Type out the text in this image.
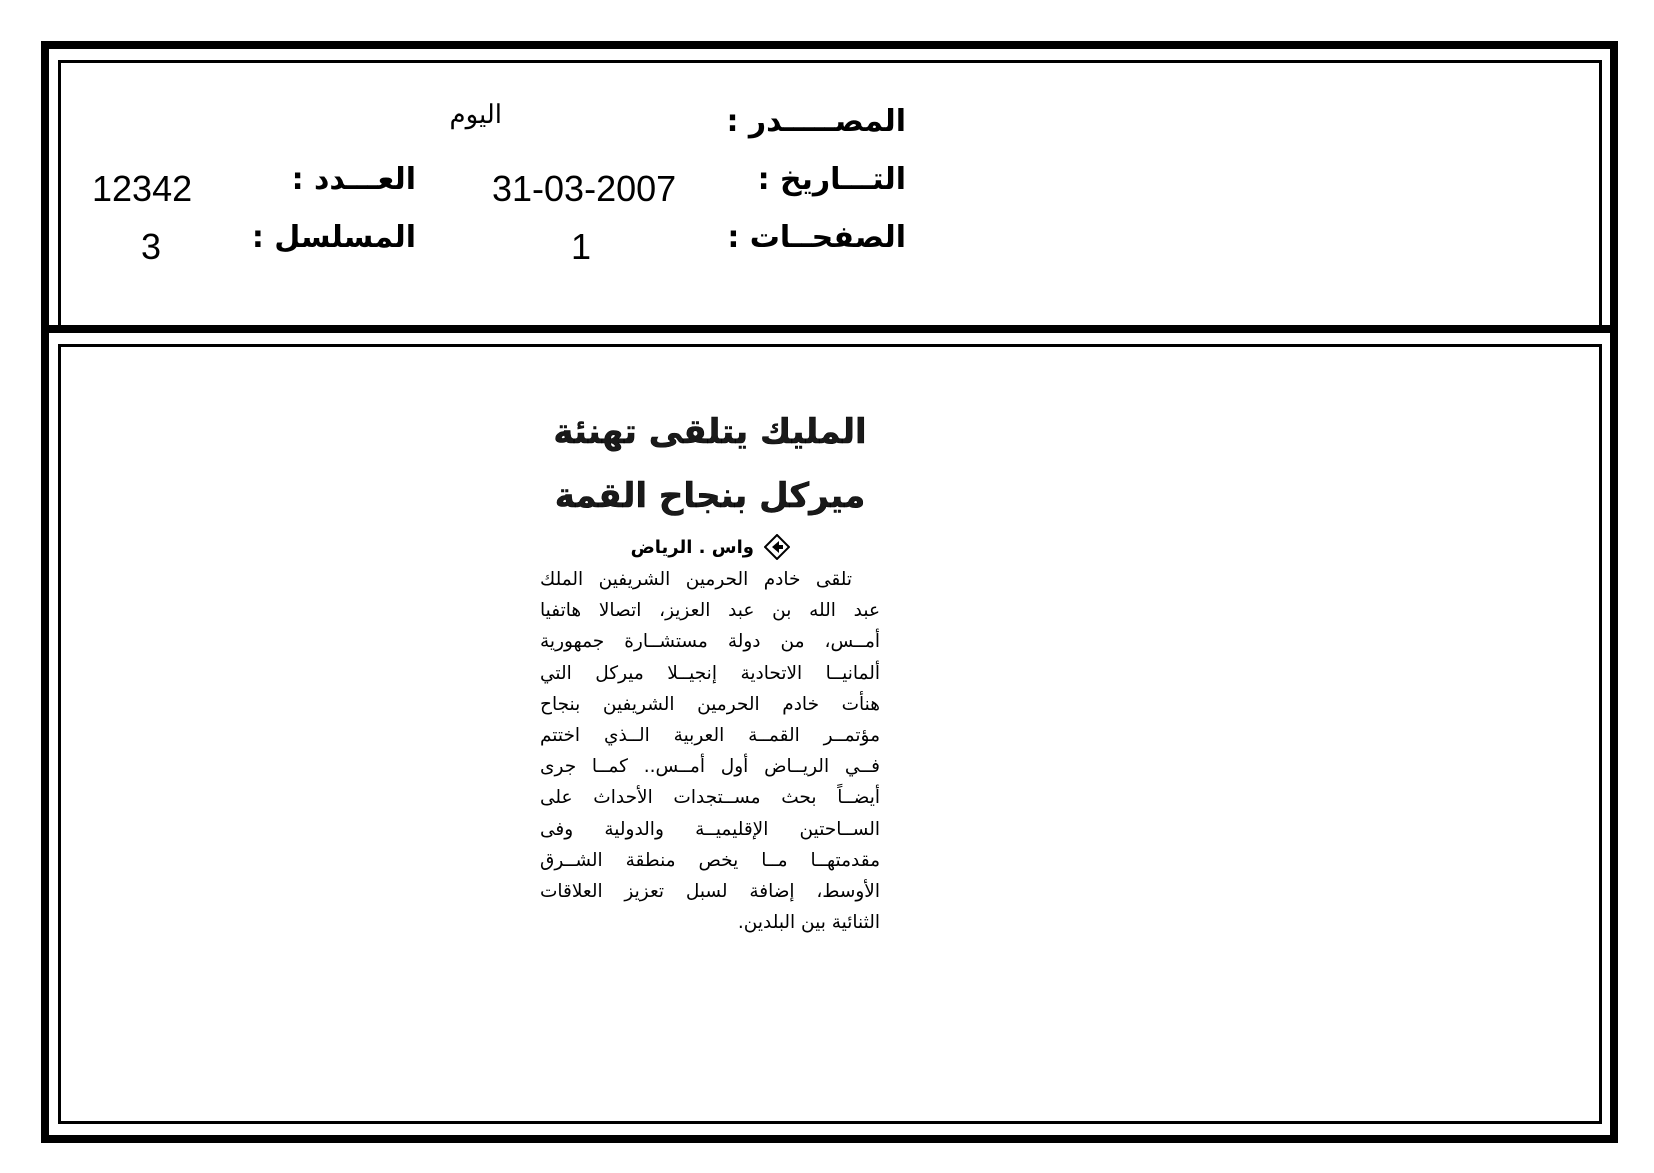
المصـــــدر :
اليوم
التـــاريخ :
31-03-2007
العـــدد :
12342
الصفحــات :
1
المسلسل :
3
المليك يتلقى تهنئة
ميركل بنجاح القمة
واس . الرياض
تلقى خادم الحرمين الشريفين الملك
عبد الله بن عبد العزيز، اتصالا هاتفيا
أمــس، من دولة مستشــارة جمهورية
ألمانيــا الاتحادية إنجيــلا ميركل التي
هنأت خادم الحرمين الشريفين بنجاح
مؤتمــر القمــة العربية الــذي اختتم
فــي الريــاض أول أمــس.. كمــا جرى
أيضــاً بحث مســتجدات الأحداث على
الســاحتين الإقليميــة والدولية وفى
مقدمتهــا مــا يخص منطقة الشــرق
الأوسط، إضافة لسبل تعزيز العلاقات
الثنائية بين البلدين.
